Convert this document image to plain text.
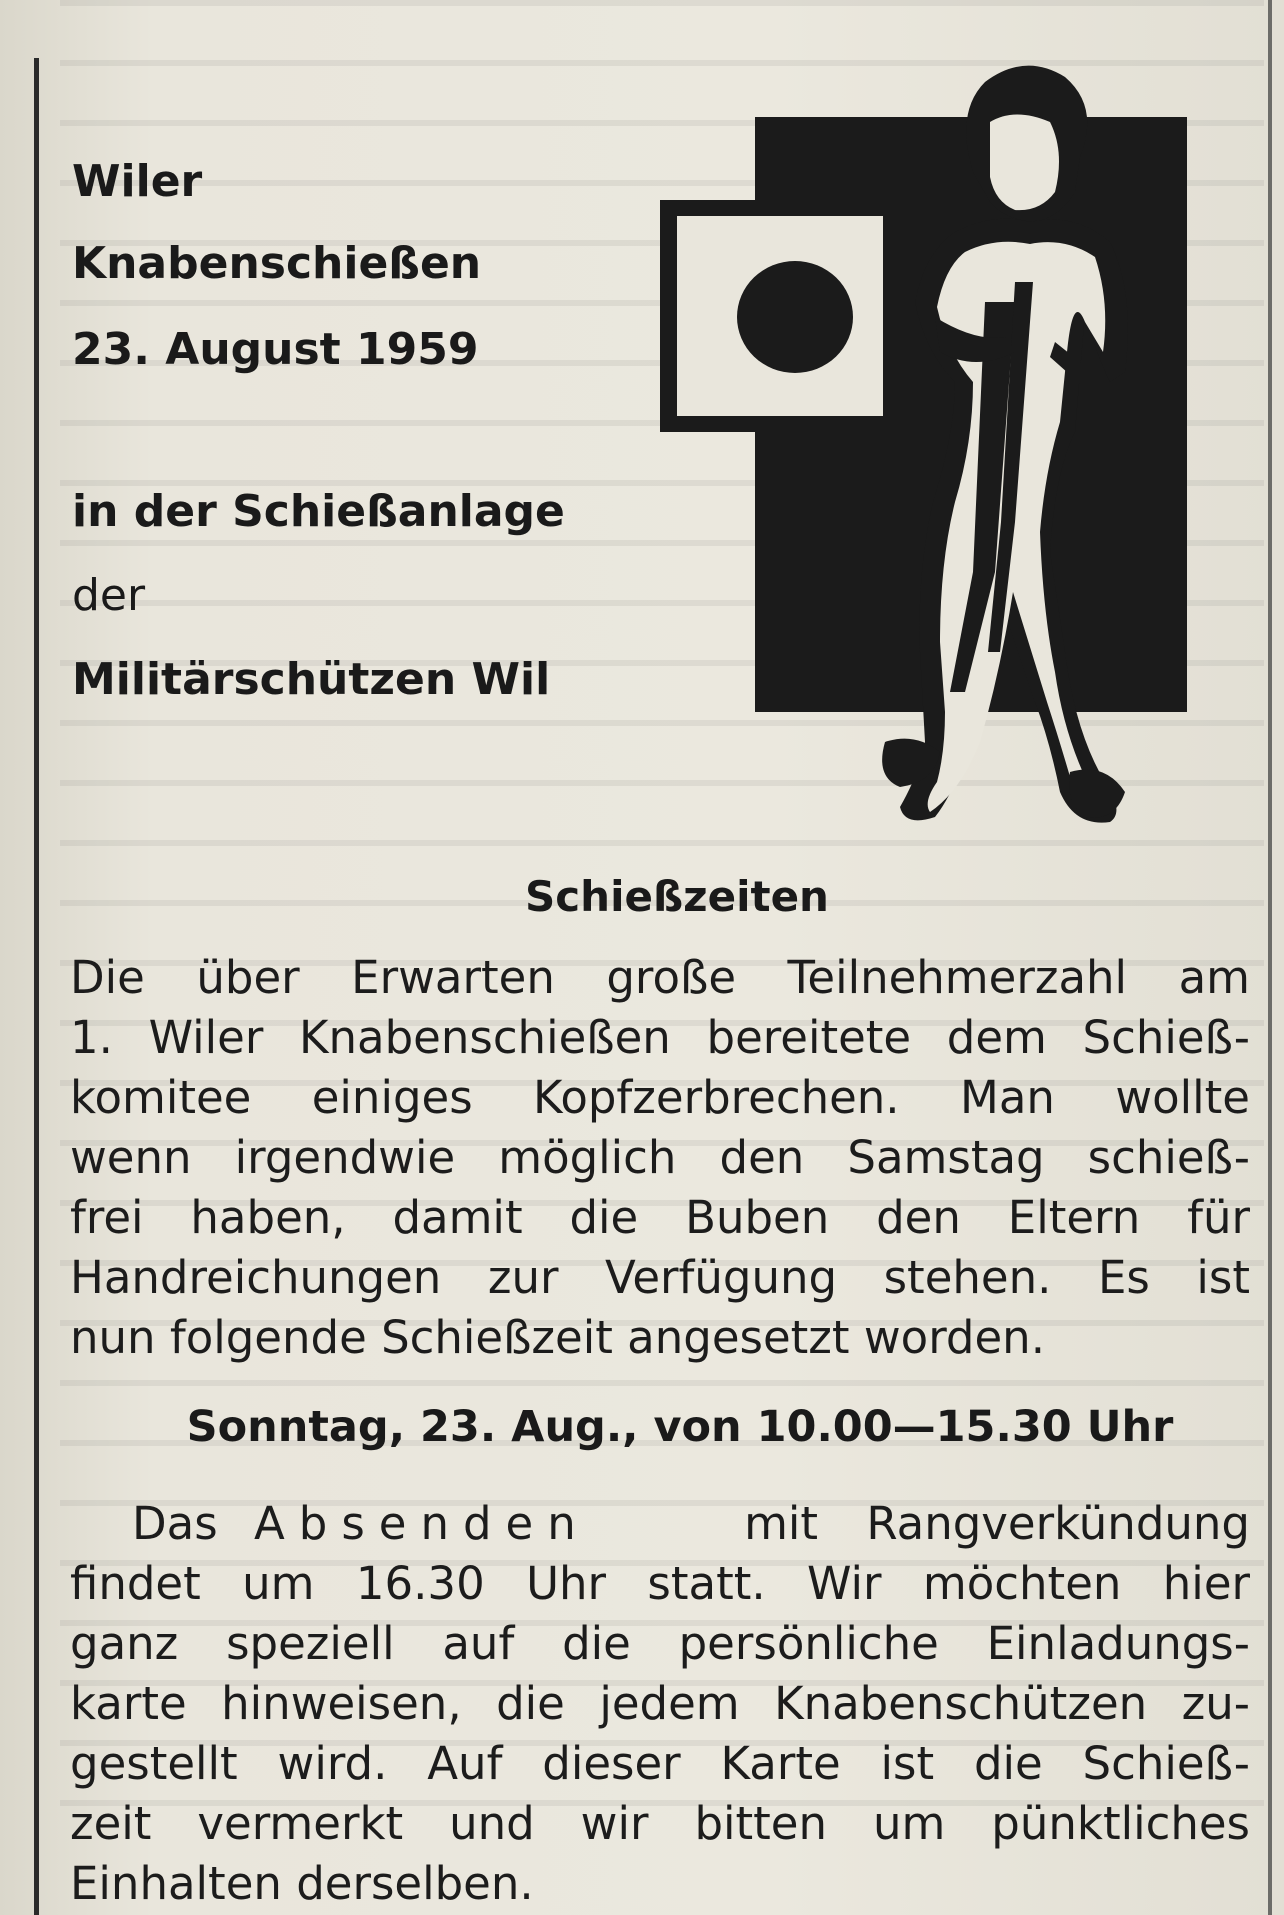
Wiler
Knabenschießen
23. August 1959
in der Schießanlage
der
Militärschützen Wil
Schießzeiten
Die über Erwarten große Teilnehmerzahl am
1. Wiler Knabenschießen bereitete dem Schieß-
komitee einiges Kopfzerbrechen. Man wollte
wenn irgendwie möglich den Samstag schieß-
frei haben, damit die Buben den Eltern für
Handreichungen zur Verfügung stehen. Es ist
nun folgende Schießzeit angesetzt worden.
Sonntag, 23. Aug., von 10.00—15.30 Uhr
Das Absenden	mit Rangverkündung
findet um 16.30 Uhr statt. Wir möchten hier
ganz speziell auf die persönliche Einladungs-
karte hinweisen, die jedem Knabenschützen zu-
gestellt wird. Auf dieser Karte ist die Schieß-
zeit vermerkt und wir bitten um pünktliches
Einhalten derselben.
